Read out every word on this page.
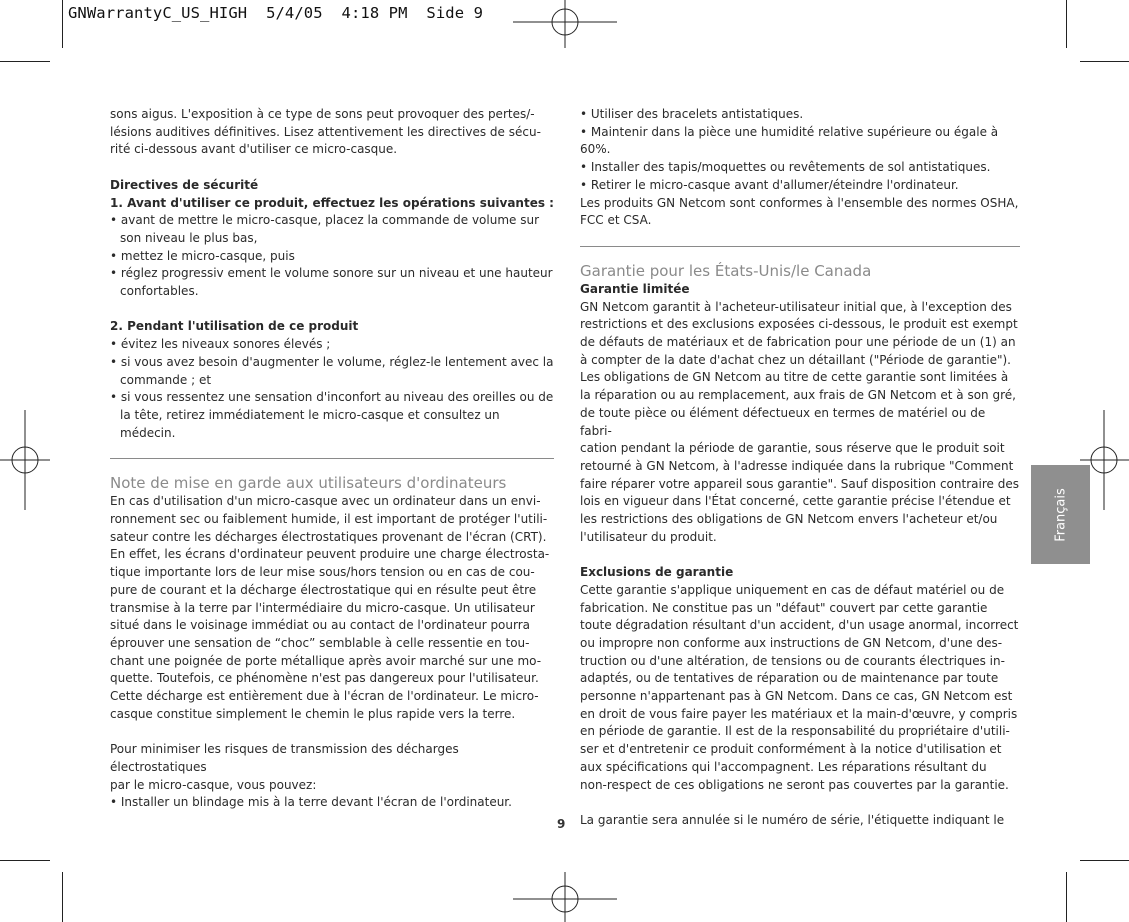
GNWarrantyC_US_HIGH  5/4/05  4:18 PM  Side 9

sons aigus. L'exposition à ce type de sons peut provoquer des pertes/-

lésions auditives définitives. Lisez attentivement les directives de sécu-

rité ci-dessous avant d'utiliser ce micro-casque.

Directives de sécurité

1. Avant d'utiliser ce produit, effectuez les opérations suivantes :

• avant de mettre le micro-casque, placez la commande de volume sur son niveau le plus bas,

• mettez le micro-casque, puis

• réglez progressiv ement le volume sonore sur un niveau et une hauteur confortables.

2. Pendant l'utilisation de ce produit

• évitez les niveaux sonores élevés ;

• si vous avez besoin d'augmenter le volume, réglez-le lentement avec la commande ; et

• si vous ressentez une sensation d'inconfort au niveau des oreilles ou de la tête, retirez immédiatement le micro-casque et consultez un médecin.

Note de mise en garde aux utilisateurs d'ordinateurs

En cas d'utilisation d'un micro-casque avec un ordinateur dans un envi-

ronnement sec ou faiblement humide, il est important de protéger l'utili-

sateur contre les décharges électrostatiques provenant de l'écran (CRT).

En effet, les écrans d'ordinateur peuvent produire une charge électrosta-

tique importante lors de leur mise sous/hors tension ou en cas de cou-

pure de courant et la décharge électrostatique qui en résulte peut être

transmise à la terre par l'intermédiaire du micro-casque. Un utilisateur

situé dans le voisinage immédiat ou au contact de l'ordinateur pourra

éprouver une sensation de “choc” semblable à celle ressentie en tou-

chant une poignée de porte métallique après avoir marché sur une mo-

quette. Toutefois, ce phénomène n'est pas dangereux pour l'utilisateur.

Cette décharge est entièrement due à l'écran de l'ordinateur. Le micro-

casque constitue simplement le chemin le plus rapide vers la terre.

Pour minimiser les risques de transmission des décharges électrostatiques

par le micro-casque, vous pouvez:

• Installer un blindage mis à la terre devant l'écran de l'ordinateur.

• Utiliser des bracelets antistatiques.

• Maintenir dans la pièce une humidité relative supérieure ou égale à 60%.

• Installer des tapis/moquettes ou revêtements de sol antistatiques.

• Retirer le micro-casque avant d'allumer/éteindre l'ordinateur.

Les produits GN Netcom sont conformes à l'ensemble des normes OSHA,

FCC et CSA.

Garantie pour les États-Unis/le Canada

Garantie limitée

GN Netcom garantit à l'acheteur-utilisateur initial que, à l'exception des

restrictions et des exclusions exposées ci-dessous, le produit est exempt

de défauts de matériaux et de fabrication pour une période de un (1) an

à compter de la date d'achat chez un détaillant ("Période de garantie").

Les obligations de GN Netcom au titre de cette garantie sont limitées à

la réparation ou au remplacement, aux frais de GN Netcom et à son gré,

de toute pièce ou élément défectueux en termes de matériel ou de fabri-

cation pendant la période de garantie, sous réserve que le produit soit

retourné à GN Netcom, à l'adresse indiquée dans la rubrique "Comment

faire réparer votre appareil sous garantie". Sauf disposition contraire des

lois en vigueur dans l'État concerné, cette garantie précise l'étendue et

les restrictions des obligations de GN Netcom envers l'acheteur et/ou

l'utilisateur du produit.

Exclusions de garantie

Cette garantie s'applique uniquement en cas de défaut matériel ou de

fabrication. Ne constitue pas un "défaut" couvert par cette garantie

toute dégradation résultant d'un accident, d'un usage anormal, incorrect

ou impropre non conforme aux instructions de GN Netcom, d'une des-

truction ou d'une altération, de tensions ou de courants électriques in-

adaptés, ou de tentatives de réparation ou de maintenance par toute

personne n'appartenant pas à GN Netcom. Dans ce cas, GN Netcom est

en droit de vous faire payer les matériaux et la main-d'œuvre, y compris

en période de garantie. Il est de la responsabilité du propriétaire d'utili-

ser et d'entretenir ce produit conformément à la notice d'utilisation et

aux spécifications qui l'accompagnent. Les réparations résultant du

non-respect de ces obligations ne seront pas couvertes par la garantie.

La garantie sera annulée si le numéro de série, l'étiquette indiquant le

Français
9
